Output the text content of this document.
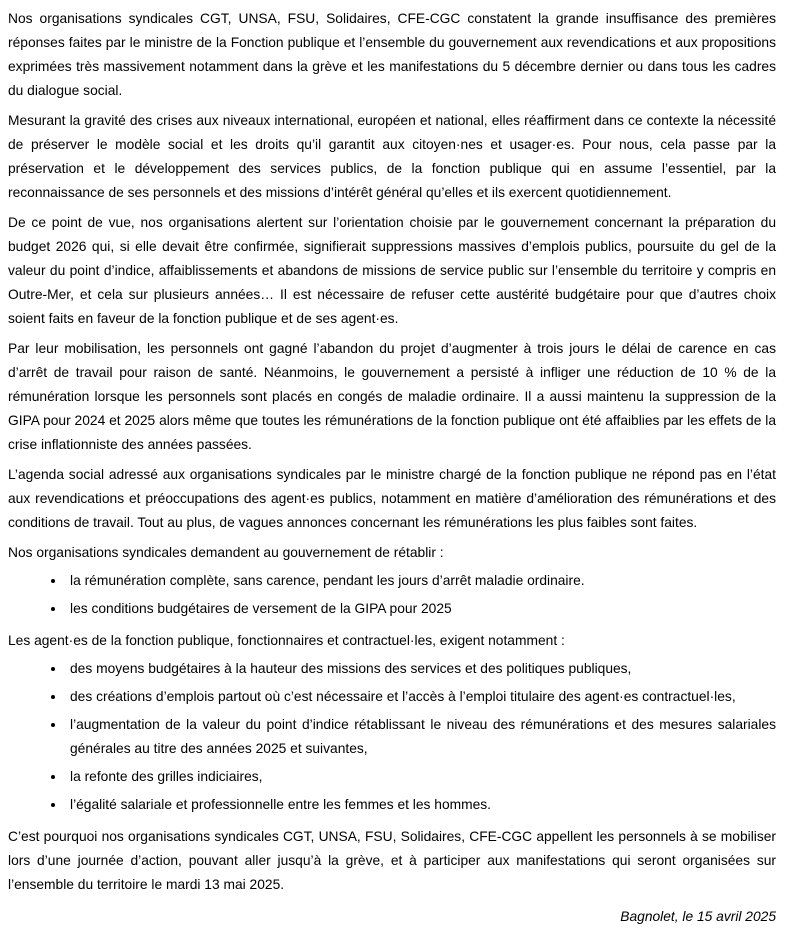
Nos organisations syndicales CGT, UNSA, FSU, Solidaires, CFE-CGC constatent la grande insuffisance des premières réponses faites par le ministre de la Fonction publique et l’ensemble du gouvernement aux revendications et aux propositions exprimées très massivement notamment dans la grève et les manifestations du 5 décembre dernier ou dans tous les cadres du dialogue social.

Mesurant la gravité des crises aux niveaux international, européen et national, elles réaffirment dans ce contexte la nécessité de préserver le modèle social et les droits qu’il garantit aux citoyen·nes et usager·es. Pour nous, cela passe par la préservation et le développement des services publics, de la fonction publique qui en assume l’essentiel, par la reconnaissance de ses personnels et des missions d’intérêt général qu’elles et ils exercent quotidiennement.

De ce point de vue, nos organisations alertent sur l’orientation choisie par le gouvernement concernant la préparation du budget 2026 qui, si elle devait être confirmée, signifierait suppressions massives d’emplois publics, poursuite du gel de la valeur du point d’indice, affaiblissements et abandons de missions de service public sur l’ensemble du territoire y compris en Outre-Mer, et cela sur plusieurs années… Il est nécessaire de refuser cette austérité budgétaire pour que d’autres choix soient faits en faveur de la fonction publique et de ses agent·es.

Par leur mobilisation, les personnels ont gagné l’abandon du projet d’augmenter à trois jours le délai de carence en cas d’arrêt de travail pour raison de santé. Néanmoins, le gouvernement a persisté à infliger une réduction de 10 % de la rémunération lorsque les personnels sont placés en congés de maladie ordinaire. Il a aussi maintenu la suppression de la GIPA pour 2024 et 2025 alors même que toutes les rémunérations de la fonction publique ont été affaiblies par les effets de la crise inflationniste des années passées.

L’agenda social adressé aux organisations syndicales par le ministre chargé de la fonction publique ne répond pas en l’état aux revendications et préoccupations des agent·es publics, notamment en matière d’amélioration des rémunérations et des conditions de travail. Tout au plus, de vagues annonces concernant les rémunérations les plus faibles sont faites.

Nos organisations syndicales demandent au gouvernement de rétablir :

• la rémunération complète, sans carence, pendant les jours d’arrêt maladie ordinaire.
• les conditions budgétaires de versement de la GIPA pour 2025

Les agent·es de la fonction publique, fonctionnaires et contractuel·les, exigent notamment :

• des moyens budgétaires à la hauteur des missions des services et des politiques publiques,
• des créations d’emplois partout où c’est nécessaire et l’accès à l’emploi titulaire des agent·es contractuel·les,
• l’augmentation de la valeur du point d’indice rétablissant le niveau des rémunérations et des mesures salariales générales au titre des années 2025 et suivantes,
• la refonte des grilles indiciaires,
• l’égalité salariale et professionnelle entre les femmes et les hommes.

C’est pourquoi nos organisations syndicales CGT, UNSA, FSU, Solidaires, CFE-CGC appellent les personnels à se mobiliser lors d’une journée d’action, pouvant aller jusqu’à la grève, et à participer aux manifestations qui seront organisées sur l’ensemble du territoire le mardi 13 mai 2025.

Bagnolet, le 15 avril 2025
